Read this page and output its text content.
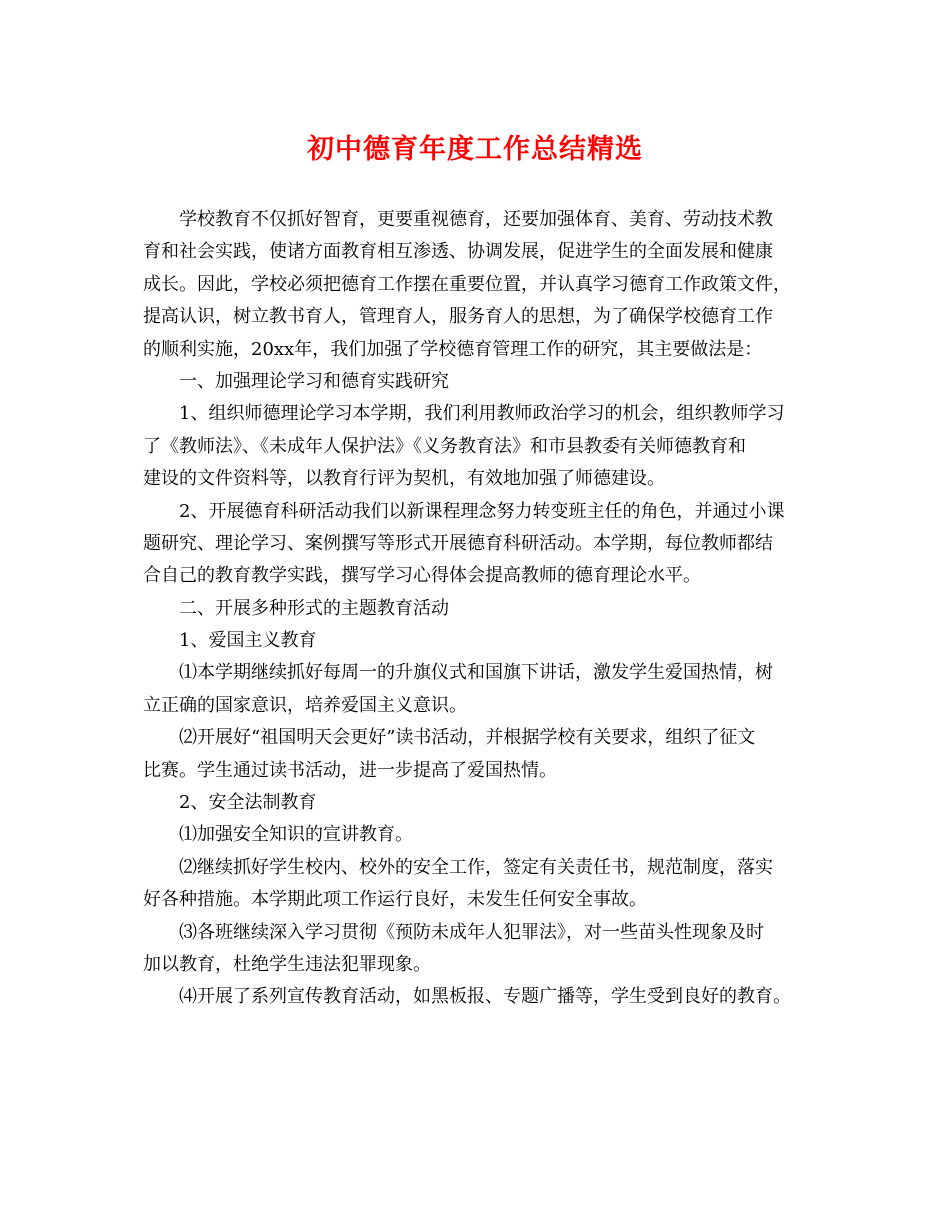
初中德育年度工作总结精选
学校教育不仅抓好智育，更要重视德育，还要加强体育、美育、劳动技术教
育和社会实践，使诸方面教育相互渗透、协调发展，促进学生的全面发展和健康
成长。因此，学校必须把德育工作摆在重要位置，并认真学习德育工作政策文件，
提高认识，树立教书育人，管理育人，服务育人的思想，为了确保学校德育工作
的顺利实施，20xx年，我们加强了学校德育管理工作的研究，其主要做法是：
一、加强理论学习和德育实践研究
1、组织师德理论学习本学期，我们利用教师政治学习的机会，组织教师学习
了《教师法》、《未成年人保护法》《义务教育法》和市县教委有关师德教育和
建设的文件资料等，以教育行评为契机，有效地加强了师德建设。
2、开展德育科研活动我们以新课程理念努力转变班主任的角色，并通过小课
题研究、理论学习、案例撰写等形式开展德育科研活动。本学期，每位教师都结
合自己的教育教学实践，撰写学习心得体会提高教师的德育理论水平。
二、开展多种形式的主题教育活动
1、爱国主义教育
⑴本学期继续抓好每周一的升旗仪式和国旗下讲话，激发学生爱国热情，树
立正确的国家意识，培养爱国主义意识。
⑵开展好“祖国明天会更好”读书活动，并根据学校有关要求，组织了征文
比赛。学生通过读书活动，进一步提高了爱国热情。
2、安全法制教育
⑴加强安全知识的宣讲教育。
⑵继续抓好学生校内、校外的安全工作，签定有关责任书，规范制度，落实
好各种措施。本学期此项工作运行良好，未发生任何安全事故。
⑶各班继续深入学习贯彻《预防未成年人犯罪法》，对一些苗头性现象及时
加以教育，杜绝学生违法犯罪现象。
⑷开展了系列宣传教育活动，如黑板报、专题广播等，学生受到良好的教育。
